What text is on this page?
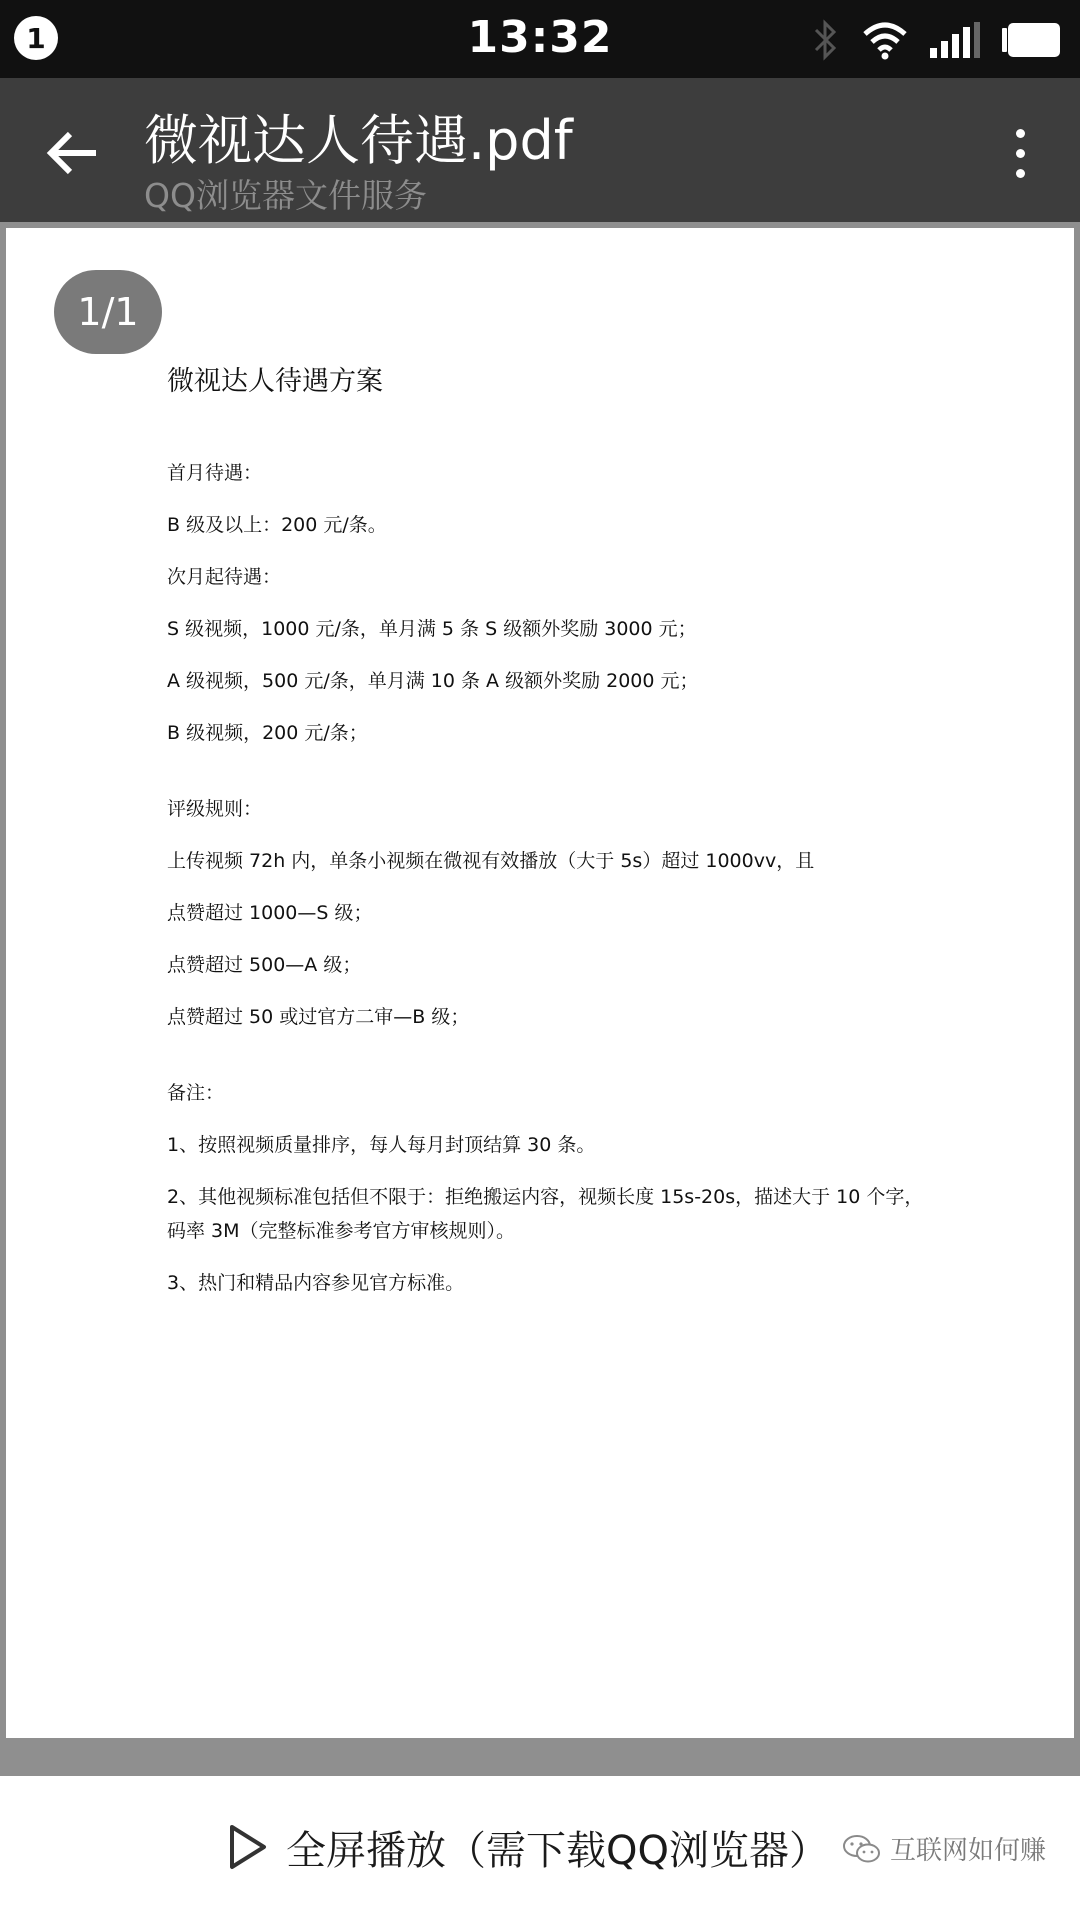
1	13:32
微视达人待遇.pdf
QQ浏览器文件服务
1/1
微视达人待遇方案

首月待遇：

B 级及以上：200 元/条。

次月起待遇：

S 级视频，1000 元/条，单月满 5 条 S 级额外奖励 3000 元；

A 级视频，500 元/条，单月满 10 条 A 级额外奖励 2000 元；

B 级视频，200 元/条；

评级规则：

上传视频 72h 内，单条小视频在微视有效播放（大于 5s）超过 1000vv，且

点赞超过 1000—S 级；

点赞超过 500—A 级；

点赞超过 50 或过官方二审—B 级；

备注：

1、按照视频质量排序，每人每月封顶结算 30 条。

2、其他视频标准包括但不限于：拒绝搬运内容，视频长度 15s-20s，描述大于 10 个字，码率 3M（完整标准参考官方审核规则）。

3、热门和精品内容参见官方标准。

全屏播放（需下载QQ浏览器） 互联网如何赚
